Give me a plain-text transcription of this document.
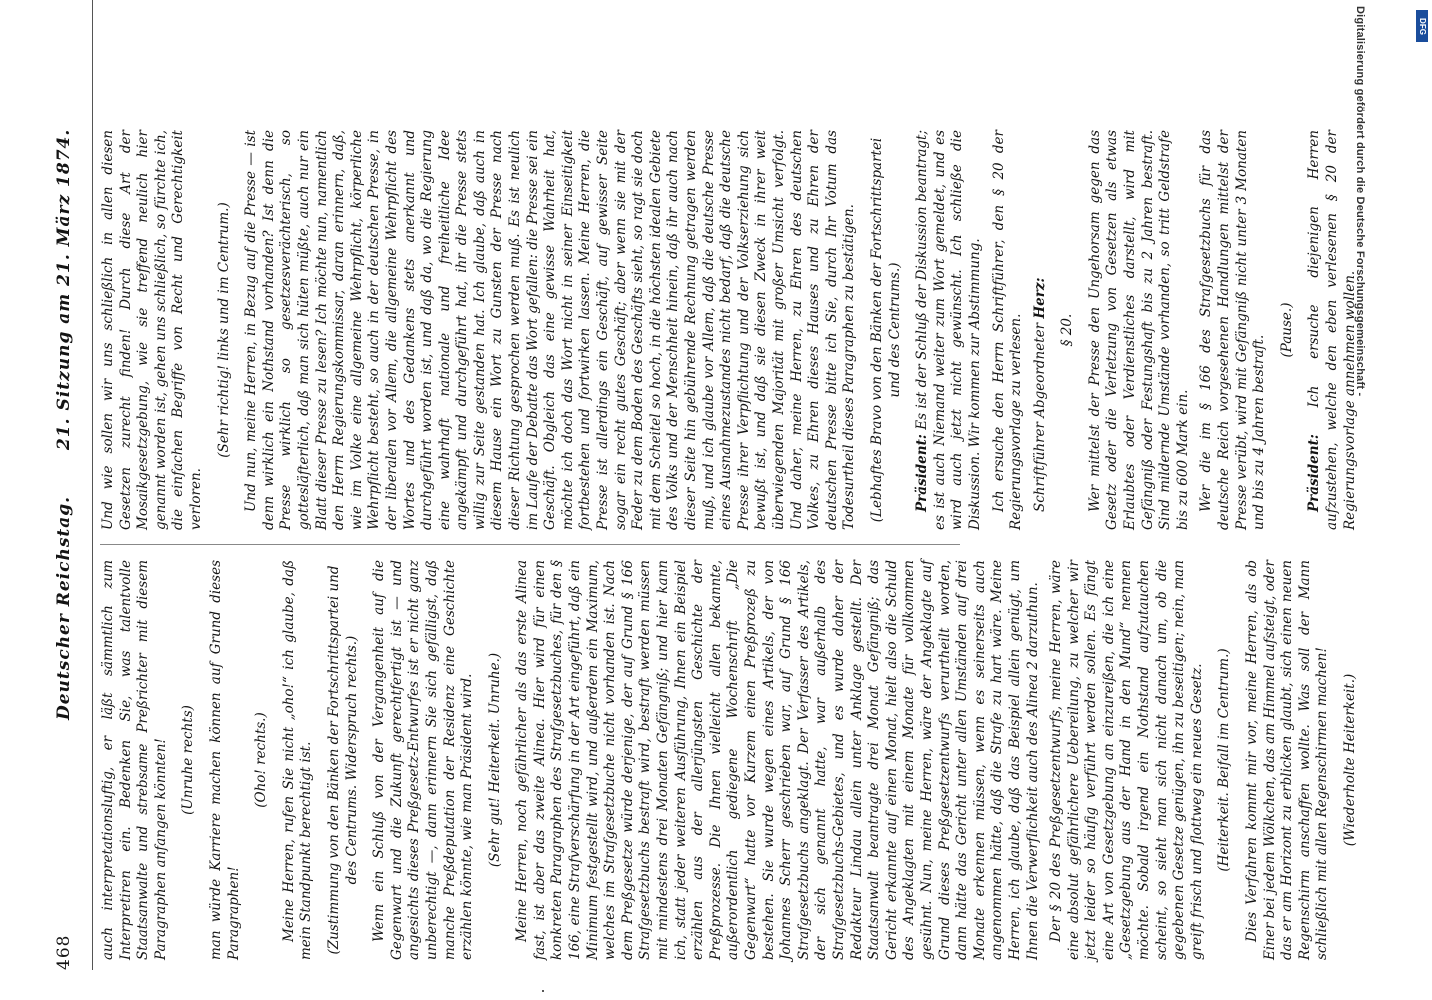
468
Deutscher Reichstag.
21. Sitzung am 21. März 1874.

auch interpretationsluftig, er läßt sämmtlich zum Interpretiren ein. Bedenken Sie, was talentvolle Staatsanwalte und strebsame Preßrichter mit diesem Paragraphen anfangen könnten! (Unruhe rechts) man würde Karriere machen können auf Grund dieses Paragraphen!

(Oho! rechts.) Meine Herren, rufen Sie nicht „oho!“ ich glaube, daß mein Standpunkt berechtigt ist. (Zustimmung von den Bänken der Fortschrittspartei und des Centrums. Widerspruch rechts.) Wenn ein Schluß von der Vergangenheit auf die Gegenwart und die Zukunft gerechtfertigt ist — und angesichts dieses Preßgesetz-Entwurfes ist er nicht ganz unberechtigt —, dann erinnern Sie sich gefälligst, daß manche Preßdeputation der Residenz eine Geschichte erzählen könnte, wie man Präsident wird. (Sehr gut! Heiterkeit. Unruhe.) Meine Herren, noch gefährlicher als das erste Alinea fast, ist aber das zweite Alinea. Hier wird für einen konkreten Paragraphen des Strafgesetzbuches, für den § 166, eine Strafverschärfung in der Art eingeführt, daß ein Minimum festgestellt wird, und außerdem ein Maximum, welches im Strafgesetzbuche nicht vorhanden ist. Nach dem Preßgesetze würde derjenige, der auf Grund § 166 Strafgesetzbuchs bestraft wird, bestraft werden müssen mit mindestens drei Monaten Gefängniß; und hier kann ich, statt jeder weiteren Ausführung, Ihnen ein Beispiel erzählen aus der allerjüngsten Geschichte der Preßprozesse. Die Ihnen vielleicht allen bekannte, außerordentlich gediegene Wochenschrift „Die Gegenwart“ hatte vor Kurzem einen Preßprozeß zu bestehen. Sie wurde wegen eines Artikels, der von Johannes Scherr geschrieben war, auf Grund § 166 Strafgesetzbuchs angeklagt. Der Verfasser des Artikels, der sich genannt hatte, war außerhalb des Strafgesetzbuchs-Gebietes, und es wurde daher der Redakteur Lindau allein unter Anklage gestellt. Der Staatsanwalt beantragte drei Monat Gefängniß; das Gericht erkannte auf einen Monat, hielt also die Schuld des Angeklagten mit einem Monate für vollkommen gesühnt. Nun, meine Herren, wäre der Angeklagte auf Grund dieses Preßgesetzentwurfs verurtheilt worden, dann hätte das Gericht unter allen Umständen auf drei Monate erkennen müssen, wenn es seinerseits auch angenommen hätte, daß die Strafe zu hart wäre. Meine Herren, ich glaube, daß das Beispiel allein genügt, um Ihnen die Verwerflichkeit auch des Alinea 2 darzuthun. Der § 20 des Preßgesetzentwurfs, meine Herren, wäre eine absolut gefährlichere Uebereilung, zu welcher wir jetzt leider so häufig verführt werden sollen. Es fängt eine Art von Gesetzgebung an einzureißen, die ich eine „Gesetzgebung aus der Hand in den Mund“ nennen möchte. Sobald irgend ein Nothstand aufzutauchen scheint, so sieht man sich nicht danach um, ob die gegebenen Gesetze genügen, ihn zu beseitigen; nein, man greift frisch und flottweg ein neues Gesetz. (Heiterkeit. Beifall im Centrum.) Dies Verfahren kommt mir vor, meine Herren, als ob Einer bei jedem Wölkchen, das am Himmel aufsteigt, oder das er am Horizont zu erblicken glaubt, sich einen neuen Regenschirm anschaffen wollte. Was soll der Mann schließlich mit allen Regenschirmen machen! (Wiederholte Heiterkeit.)

Und wie sollen wir uns schließlich in allen diesen Gesetzen zurecht finden! Durch diese Art der Mosaikgesetzgebung, wie sie treffend neulich hier genannt worden ist, gehen uns schließlich, so fürchte ich, die einfachen Begriffe von Recht und Gerechtigkeit verloren.

(Sehr richtig! links und im Centrum.) Und nun, meine Herren, in Bezug auf die Presse — ist denn wirklich ein Nothstand vorhanden? Ist denn die Presse wirklich so gesetzesverächterisch, so gottesläfterlich, daß man sich hüten müßte, auch nur ein Blatt dieser Presse zu lesen? Ich möchte nun, namentlich den Herrn Regierungskommissar, daran erinnern, daß, wie im Volke eine allgemeine Wehrpflicht, körperliche Wehrpflicht besteht, so auch in der deutschen Presse, in der liberalen vor Allem, die allgemeine Wehrpflicht des Wortes und des Gedankens stets anerkannt und durchgeführt worden ist, und daß da, wo die Regierung eine wahrhaft nationale und freiheitliche Idee angekämpft und durchgeführt hat, ihr die Presse stets willig zur Seite gestanden hat. Ich glaube, daß auch in diesem Hause ein Wort zu Gunsten der Presse nach dieser Richtung gesprochen werden muß. Es ist neulich im Laufe der Debatte das Wort gefallen: die Presse sei ein Geschäft. Obgleich das eine gewisse Wahrheit hat, möchte ich doch das Wort nicht in seiner Einseitigkeit fortbestehen und fortwirken lassen. Meine Herren, die Presse ist allerdings ein Geschäft, auf gewisser Seite sogar ein recht gutes Geschäft; aber wenn sie mit der Feder zu dem Boden des Geschäfts sieht, so ragt sie doch mit dem Scheitel so hoch, in die höchsten idealen Gebiete des Volks und der Menschheit hinein, daß ihr auch nach dieser Seite hin gebührende Rechnung getragen werden muß, und ich glaube vor Allem, daß die deutsche Presse eines Ausnahmezustandes nicht bedarf, daß die deutsche Presse ihrer Verpflichtung und der Volkserziehung sich bewußt ist, und daß sie diesen Zweck in ihrer weit überwiegenden Majorität mit großer Umsicht verfolgt. Und daher, meine Herren, zu Ehren des deutschen Volkes, zu Ehren dieses Hauses und zu Ehren der deutschen Presse bitte ich Sie, durch Ihr Votum das Todesurtheil dieses Paragraphen zu bestätigen. (Lebhaftes Bravo von den Bänken der Fortschrittspartei und des Centrums.)

Präsident: Es ist der Schluß der Diskussion beantragt; es ist auch Niemand weiter zum Wort gemeldet, und es wird auch jetzt nicht gewünscht. Ich schließe die Diskussion. Wir kommen zur Abstimmung. Ich ersuche den Herrn Schriftführer, den § 20 der Regierungsvorlage zu verlesen. Schriftführer Abgeordneter Herz:

§ 20. Wer mittelst der Presse den Ungehorsam gegen das Gesetz oder die Verletzung von Gesetzen als etwas Erlaubtes oder Verdienstliches darstellt, wird mit Gefängniß oder Festungshaft bis zu 2 Jahren bestraft. Sind mildernde Umstände vorhanden, so tritt Geldstrafe bis zu 600 Mark ein. Wer die im § 166 des Strafgesetzbuchs für das deutsche Reich vorgesehenen Handlungen mittelst der Presse verübt, wird mit Gefängniß nicht unter 3 Monaten und bis zu 4 Jahren bestraft.

(Pause.)

Präsident: Ich ersuche diejenigen Herren aufzustehen, welche den eben verlesenen § 20 der Regierungsvorlage annehmen wollen.

Digitalisierung gefördert durch die Deutsche Forschungsgemeinschaft -	DFG
